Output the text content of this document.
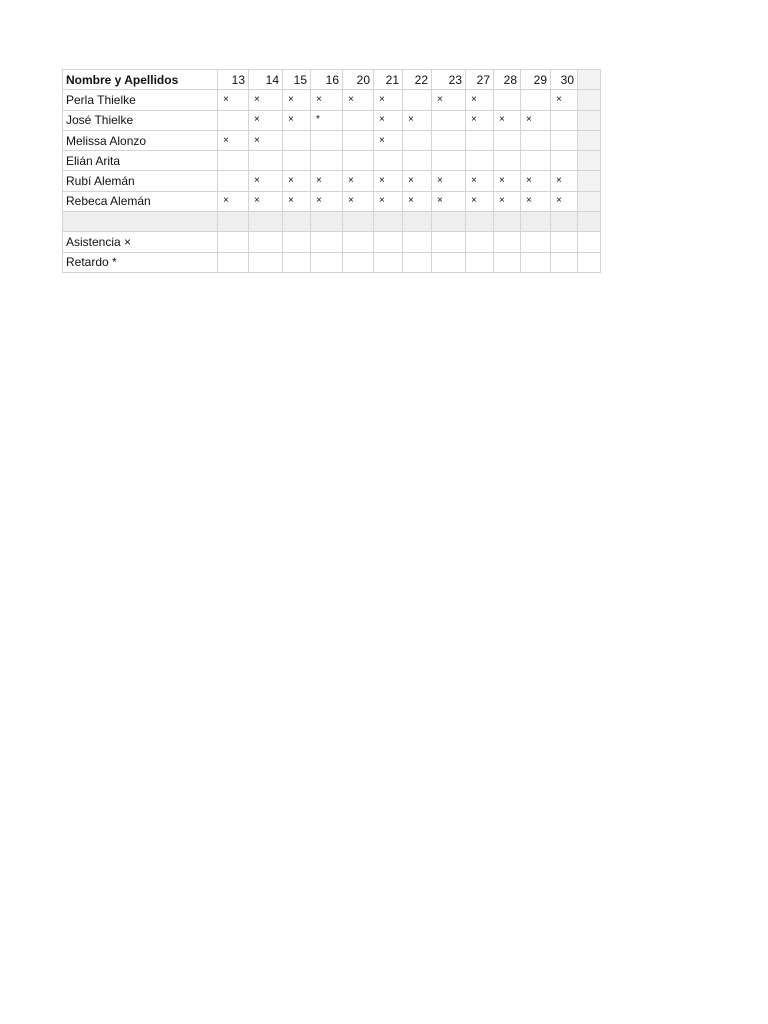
Nombre y Apellidos	13	14	15	16	20	21	22	23	27	28	29	30	
Perla Thielke	×	×	×	×	×	×		×	×			×	
José Thielke		×	×	*		×	×		×	×	×		
Melissa Alonzo	×	×				×							
Elián Arita													
Rubí Alemán		×	×	×	×	×	×	×	×	×	×	×	
Rebeca Alemán	×	×	×	×	×	×	×	×	×	×	×	×	

Asistencia ×													
Retardo *													
